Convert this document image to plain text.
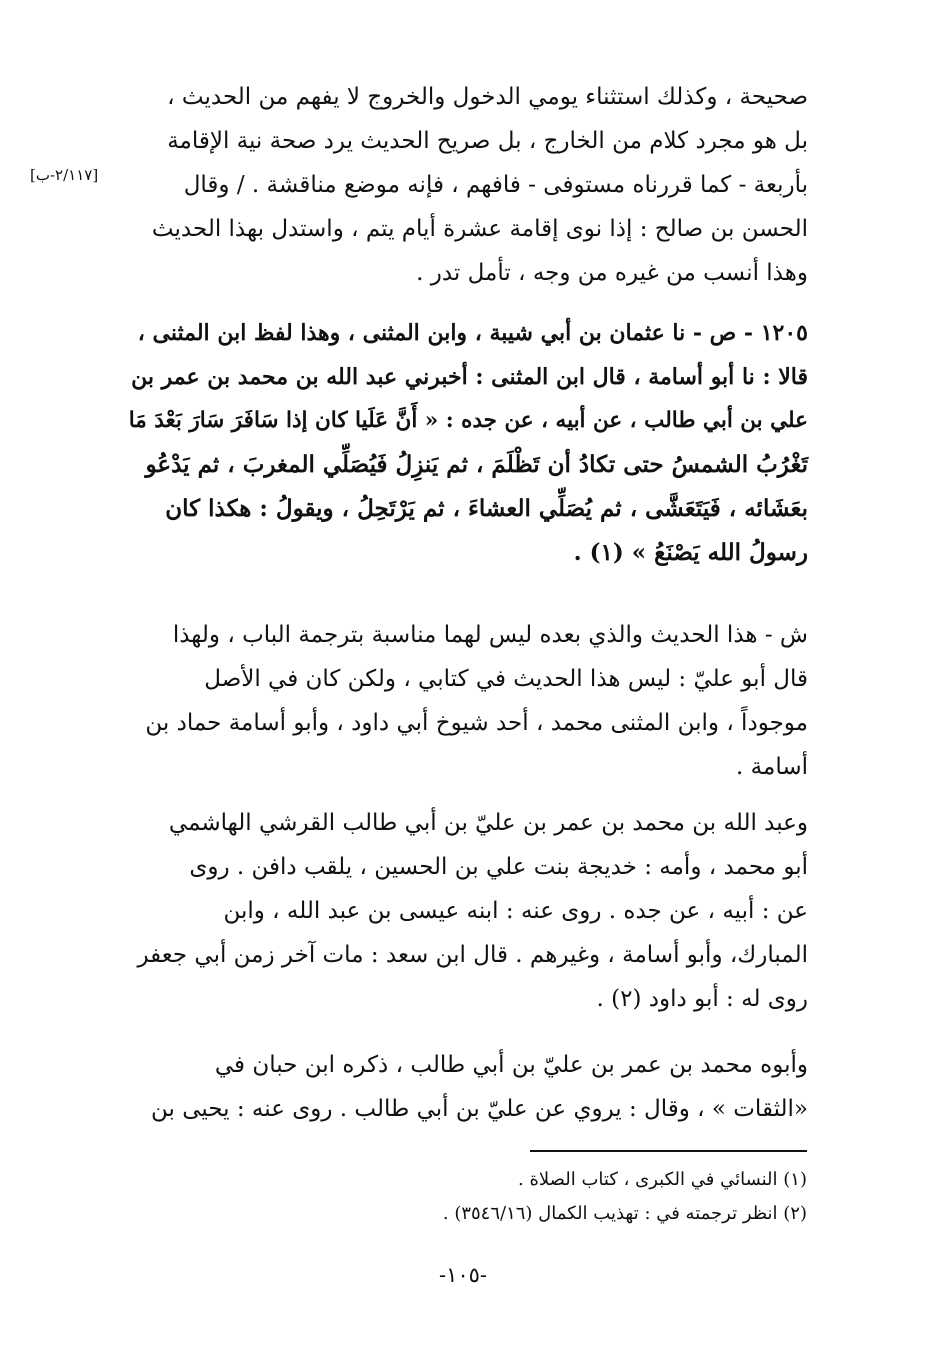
[٢/١١٧-ب]
صحيحة ، وكذلك استثناء يومي الدخول والخروج لا يفهم من الحديث ،
بل هو مجرد كلام من الخارج ، بل صريح الحديث يرد صحة نية الإقامة
بأربعة - كما قررناه مستوفى - فافهم ، فإنه موضع مناقشة . / وقال
الحسن بن صالح : إذا نوى إقامة عشرة أيام يتم ، واستدل بهذا الحديث
وهذا أنسب من غيره من وجه ، تأمل تدر .
١٢٠٥ - ص - نا عثمان بن أبي شيبة ، وابن المثنى ، وهذا لفظ ابن المثنى ،
قالا : نا أبو أسامة ، قال ابن المثنى : أخبرني عبد الله بن محمد بن عمر بن
علي بن أبي طالب ، عن أبيه ، عن جده : « أَنَّ عَلَيا كان إذا سَافَرَ سَارَ بَعْدَ مَا
تَغْرُبُ الشمسُ حتى تكادُ أن تَظْلَمَ ، ثم يَنزِلُ فَيُصَلِّي المغربَ ، ثم يَدْعُو
بعَشَائه ، فَيَتَعَشَّى ، ثم يُصَلِّي العشاءَ ، ثم يَرْتَحِلُ ، ويقولُ : هكذا كان
رسولُ الله يَصْنَعُ » (١) .
ش - هذا الحديث والذي بعده ليس لهما مناسبة بترجمة الباب ، ولهذا
قال أبو عليّ : ليس هذا الحديث في كتابي ، ولكن كان في الأصل
موجوداً ، وابن المثنى محمد ، أحد شيوخ أبي داود ، وأبو أسامة حماد بن
أسامة .
وعبد الله بن محمد بن عمر بن عليّ بن أبي طالب القرشي الهاشمي
أبو محمد ، وأمه : خديجة بنت علي بن الحسين ، يلقب دافن . روى
عن : أبيه ، عن جده . روى عنه : ابنه عيسى بن عبد الله ، وابن
المبارك، وأبو أسامة ، وغيرهم . قال ابن سعد : مات آخر زمن أبي جعفر
روى له : أبو داود (٢) .
وأبوه محمد بن عمر بن عليّ بن أبي طالب ، ذكره ابن حبان في
«الثقات » ، وقال : يروي عن عليّ بن أبي طالب . روى عنه : يحيى بن
(١) النسائي في الكبرى ، كتاب الصلاة .
(٢) انظر ترجمته في : تهذيب الكمال (٣٥٤٦/١٦) .
-١٠٥-
